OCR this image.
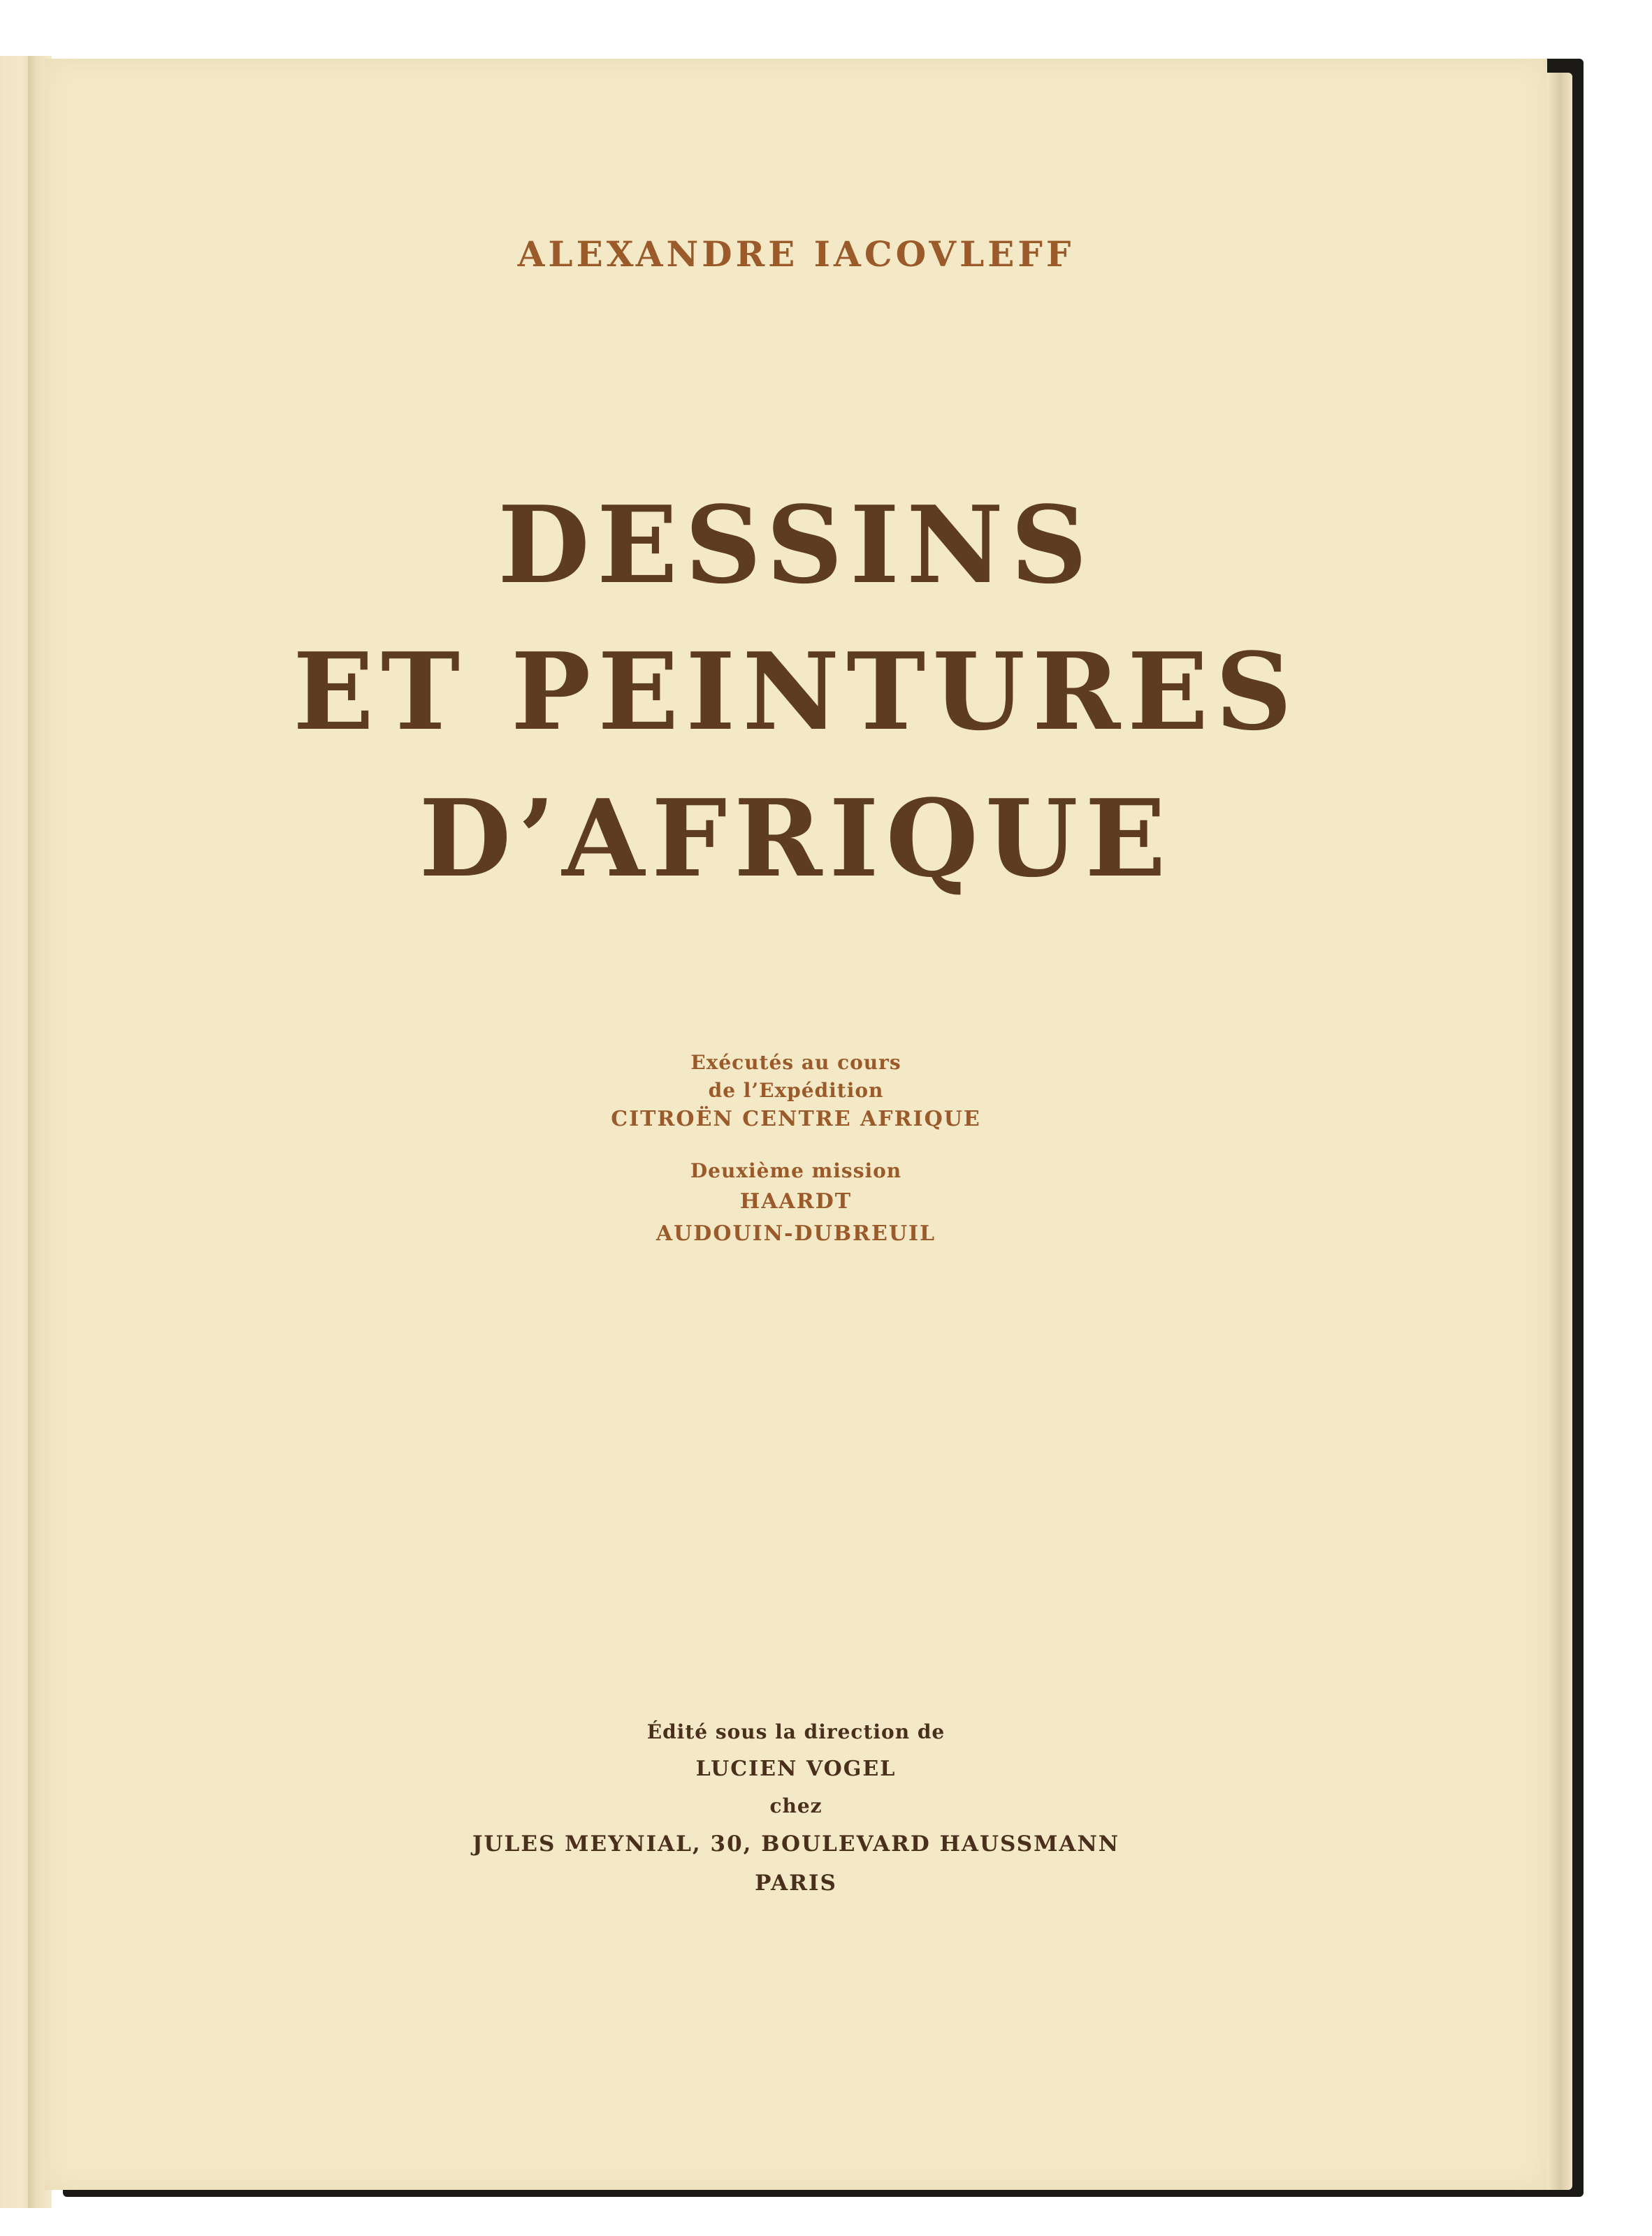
ALEXANDRE IACOVLEFF
DESSINS
ET PEINTURES
D’AFRIQUE
Exécutés au cours
de l’Expédition
CITROËN CENTRE AFRIQUE
Deuxième mission
HAARDT
AUDOUIN-DUBREUIL
Édité sous la direction de
LUCIEN VOGEL
chez
JULES MEYNIAL, 30, BOULEVARD HAUSSMANN
PARIS
